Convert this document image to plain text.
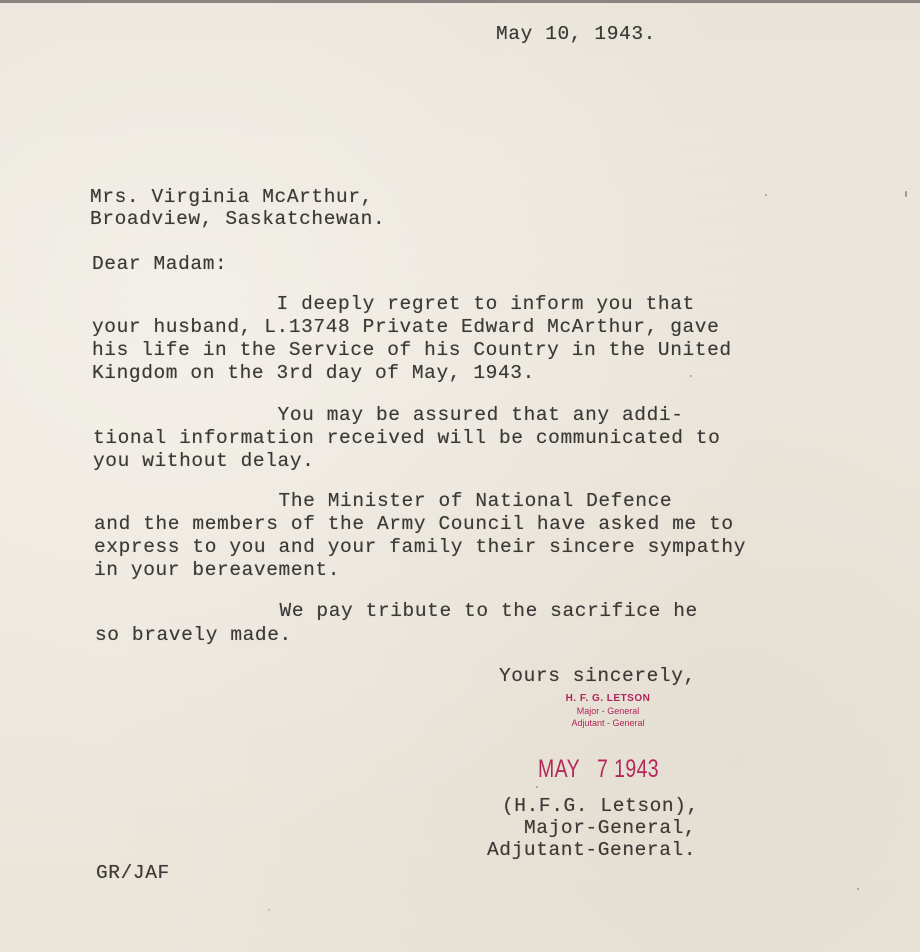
May 10, 1943.
Mrs. Virginia McArthur,
Broadview, Saskatchewan.
Dear Madam:
I deeply regret to inform you that
your husband, L.13748 Private Edward McArthur, gave
his life in the Service of his Country in the United
Kingdom on the 3rd day of May, 1943.
You may be assured that any addi-
tional information received will be communicated to
you without delay.
The Minister of National Defence
and the members of the Army Council have asked me to
express to you and your family their sincere sympathy
in your bereavement.
We pay tribute to the sacrifice he
so bravely made.
Yours sincerely,
H. F. G. LETSON
Major - General
Adjutant - General
MAY   7 1943
(H.F.G. Letson),
Major-General,
Adjutant-General.
GR/JAF
